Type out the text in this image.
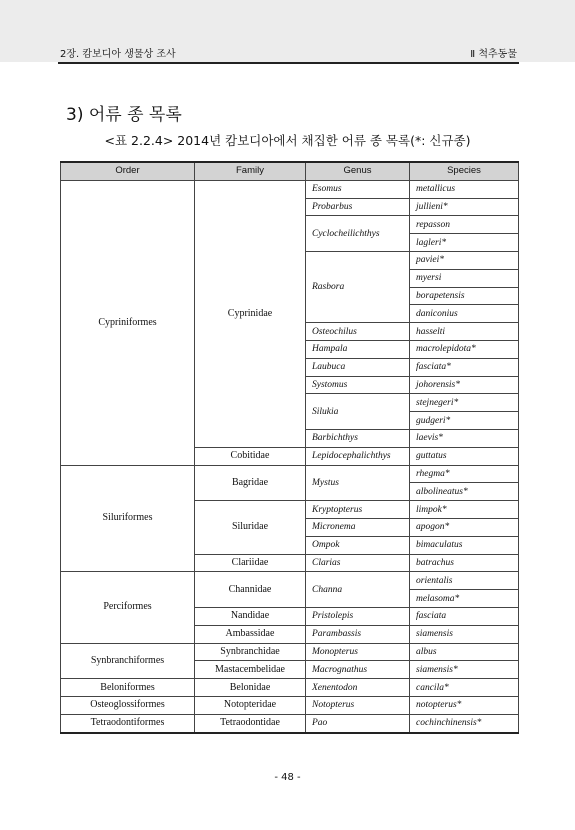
2장. 캄보디아 생물상 조사	Ⅱ 척추동물
3) 어류 종 목록
<표 2.2.4> 2014년 캄보디아에서 채집한 어류 종 목록(*: 신규종)
Order	Family	Genus	Species
Cypriniformes	Cyprinidae	Esomus	metallicus
		Probarbus	jullieni*
		Cyclocheilichthys	repasson
			lagleri*
		Rasbora	paviei*
			myersi
			borapetensis
			daniconius
		Osteochilus	hasselti
		Hampala	macrolepidota*
		Laubuca	fasciata*
		Systomus	johorensis*
		Silukia	stejnegeri*
			gudgeri*
		Barbichthys	laevis*
	Cobitidae	Lepidocephalichthys	guttatus
Siluriformes	Bagridae	Mystus	rhegma*
			albolineatus*
	Siluridae	Kryptopterus	limpok*
		Micronema	apogon*
		Ompok	bimaculatus
	Clariidae	Clarias	batrachus
Perciformes	Channidae	Channa	orientalis
			melasoma*
	Nandidae	Pristolepis	fasciata
	Ambassidae	Parambassis	siamensis
Synbranchiformes	Synbranchidae	Monopterus	albus
	Mastacembelidae	Macrognathus	siamensis*
Beloniformes	Belonidae	Xenentodon	cancila*
Osteoglossiformes	Notopteridae	Notopterus	notopterus*
Tetraodontiformes	Tetraodontidae	Pao	cochinchinensis*
- 48 -
